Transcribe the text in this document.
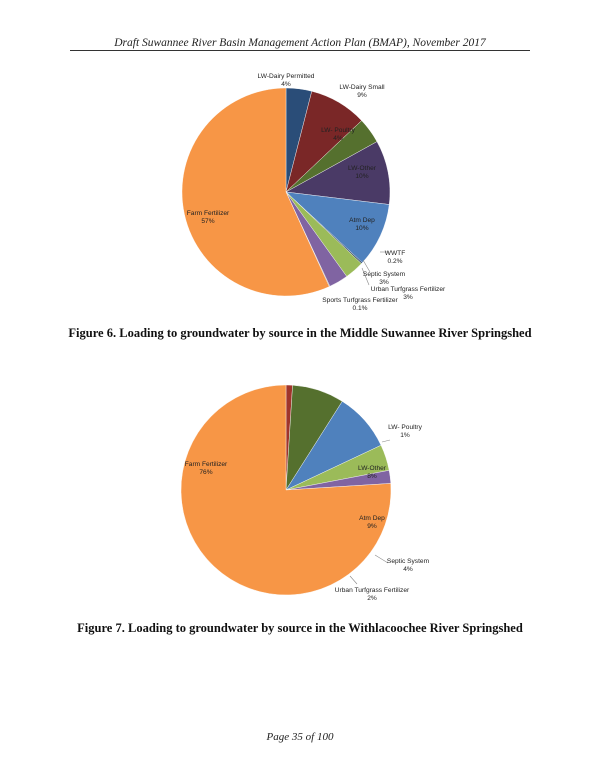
Draft Suwannee River Basin Management Action Plan (BMAP), November 2017
LW-Dairy Permitted
4%	LW-Dairy Small
9%
LW- Poultry
4%
LW-Other
10%
Atm Dep
10%
WWTF
0.2%
Septic System
3%
Urban Turfgrass Fertilizer
3%
Sports Turfgrass Fertilizer
0.1%
Farm Fertilizer
57%
Figure 6. Loading to groundwater by source in the Middle Suwannee River Springshed
LW- Poultry
1%
LW-Other
8%
Atm Dep
9%
Septic System
4%
Urban Turfgrass Fertilizer
2%
Farm Fertilizer
76%
Figure 7. Loading to groundwater by source in the Withlacoochee River Springshed
Page 35 of 100
